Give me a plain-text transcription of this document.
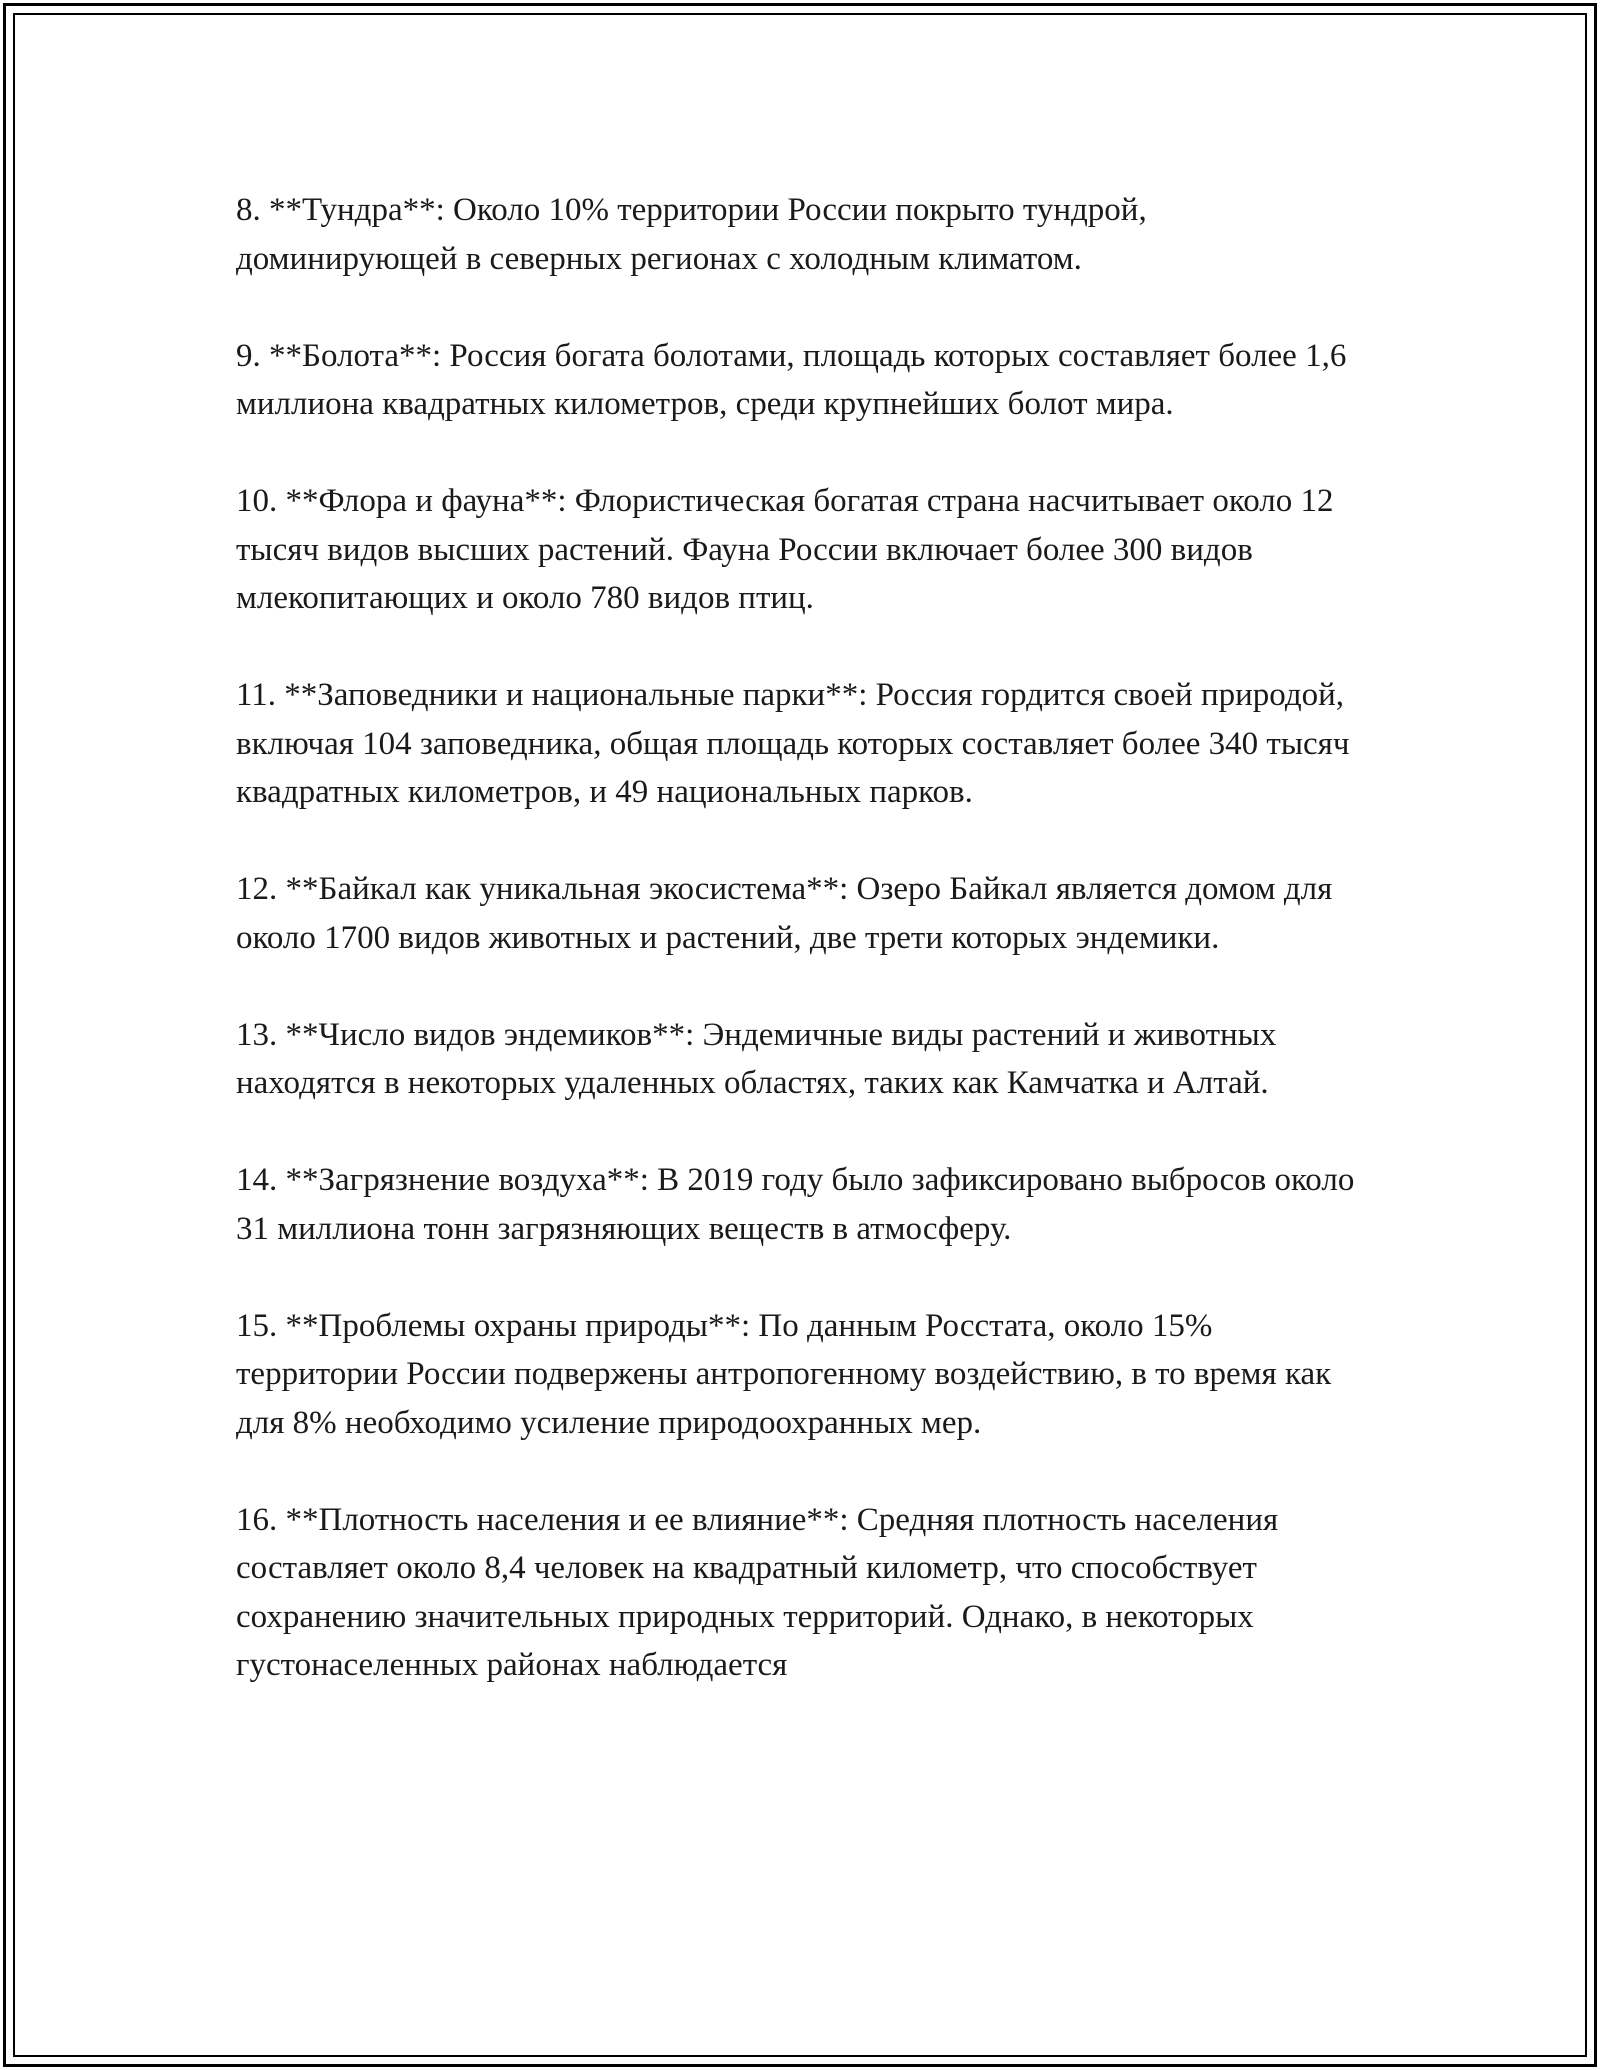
8. **Тундра**: Около 10% территории России покрыто тундрой, доминирующей в северных регионах с холодным климатом.

9. **Болота**: Россия богата болотами, площадь которых составляет более 1,6 миллиона квадратных километров, среди крупнейших болот мира.

10. **Флора и фауна**: Флористическая богатая страна насчитывает около 12 тысяч видов высших растений. Фауна России включает более 300 видов млекопитающих и около 780 видов птиц.

11. **Заповедники и национальные парки**: Россия гордится своей природой, включая 104 заповедника, общая площадь которых составляет более 340 тысяч квадратных километров, и 49 национальных парков.

12. **Байкал как уникальная экосистема**: Озеро Байкал является домом для около 1700 видов животных и растений, две трети которых эндемики.

13. **Число видов эндемиков**: Эндемичные виды растений и животных находятся в некоторых удаленных областях, таких как Камчатка и Алтай.

14. **Загрязнение воздуха**: В 2019 году было зафиксировано выбросов около 31 миллиона тонн загрязняющих веществ в атмосферу.

15. **Проблемы охраны природы**: По данным Росстата, около 15% территории России подвержены антропогенному воздействию, в то время как для 8% необходимо усиление природоохранных мер.

16. **Плотность населения и ее влияние**: Средняя плотность населения составляет около 8,4 человек на квадратный километр, что способствует сохранению значительных природных территорий. Однако, в некоторых густонаселенных районах наблюдается
